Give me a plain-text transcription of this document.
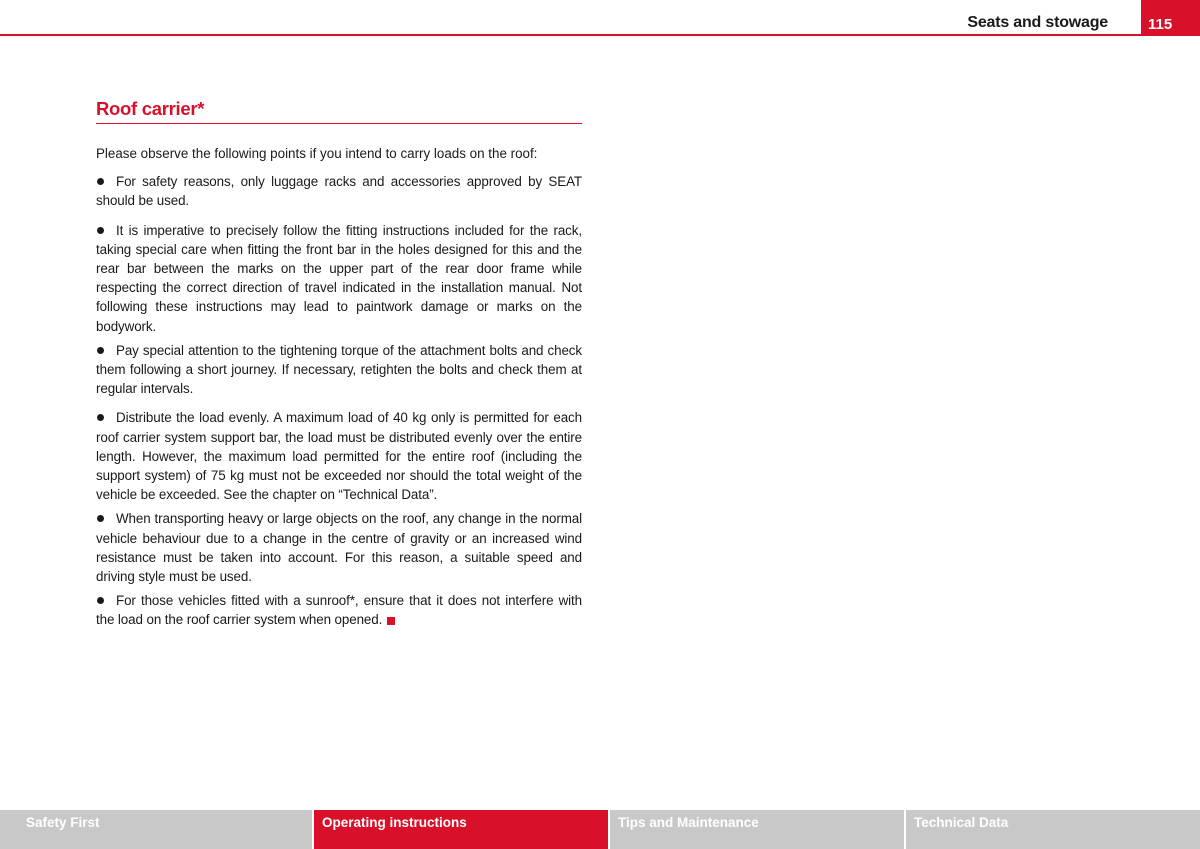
Seats and stowage	115
Roof carrier*

Please observe the following points if you intend to carry loads on the roof:

For safety reasons, only luggage racks and accessories approved by SEAT should be used.
It is imperative to precisely follow the fitting instructions included for the rack, taking special care when fitting the front bar in the holes designed for this and the rear bar between the marks on the upper part of the rear door frame while respecting the correct direction of travel indicated in the installation manual. Not following these instructions may lead to paintwork damage or marks on the bodywork.
Pay special attention to the tightening torque of the attachment bolts and check them following a short journey. If necessary, retighten the bolts and check them at regular intervals.
Distribute the load evenly. A maximum load of 40 kg only is permitted for each roof carrier system support bar, the load must be distributed evenly over the entire length. However, the maximum load permitted for the entire roof (including the support system) of 75 kg must not be exceeded nor should the total weight of the vehicle be exceeded. See the chapter on “Technical Data”.
When transporting heavy or large objects on the roof, any change in the normal vehicle behaviour due to a change in the centre of gravity or an increased wind resistance must be taken into account. For this reason, a suitable speed and driving style must be used.
For those vehicles fitted with a sunroof*, ensure that it does not interfere with the load on the roof carrier system when opened.
Safety First	Operating instructions	Tips and Maintenance	Technical Data
